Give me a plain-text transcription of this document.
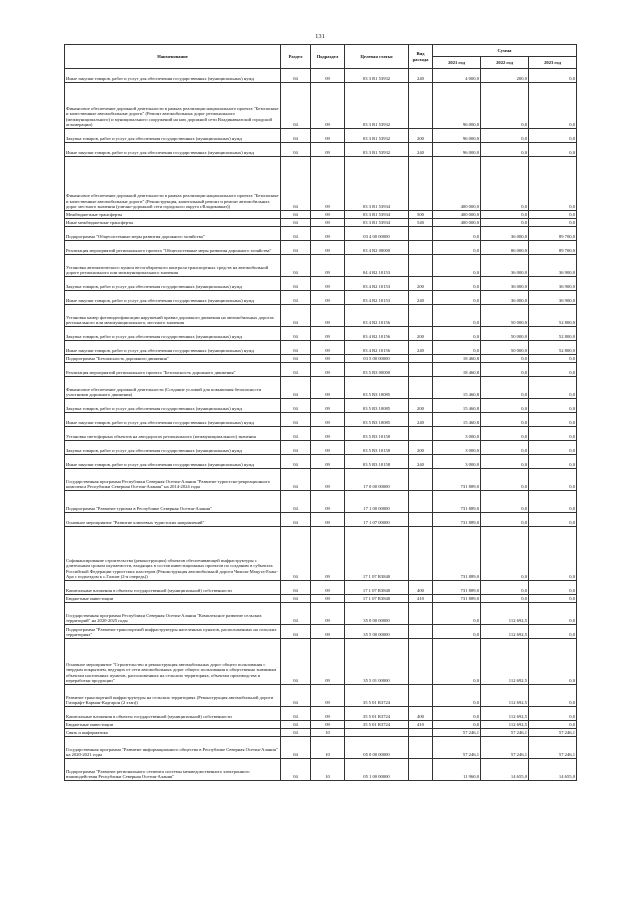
131
Наименование	Раздел	Подраздел	Целевая статья	Вид расхода	Сумма		
					2021 год	2022 год	2023 год
Иные закупки товаров, работ и услуг для обеспечения государственных (муниципальных) нужд	04	09	03 3 R1 53932	240	4 000,0	200,0	0,0
Финансовое обеспечение дорожной деятельности в рамках реализации национального проекта "Безопасные и качественные автомобильные дороги" (Ремонт автомобильных дорог регионального (межмуниципального) и муниципального сооружений на них дорожной сети Владикавказской городской агломерации)	04	09	03 3 R1 53932		96 000,0	0,0	0,0
Закупка товаров, работ и услуг для обеспечения государственных (муниципальных) нужд	04	09	03 3 R1 53932	200	96 000,0	0,0	0,0
Иные закупки товаров, работ и услуг для обеспечения государственных (муниципальных) нужд	04	09	03 3 R1 53932	240	96 000,0	0,0	0,0
Финансовое обеспечение дорожной деятельности в рамках реализации национального проекта "Безопасные и качественные автомобильные дороги" (Реконструкция, капитальный ремонт и ремонт автомобильных дорог местного значения (уличнo-дорожной сети городского округа г.Владикавказ))	04	09	03 3 R1 53934		400 000,0	0,0	0,0
Межбюджетные трансферты	04	09	03 3 R1 53934	500	400 000,0	0,0	0,0
Иные межбюджетные трансферты	04	09	03 3 R1 53934	540	400 000,0	0,0	0,0
Подпрограмма "Общесистемные меры развития дорожного хозяйства"	04	09	03 4 00 00000		0,0	36 000,0	89 700,0
Реализация мероприятий регионального проекта "Общесистемные меры развития дорожного хозяйства"	04	09	03 4 R2 00000		0,0	86 000,0	89 700,0
Установка автоматического пункта весогабаритного контроля транспортных средств на автомобильной дороге регионального или межмуниципального значения	04	09	04 4 R2 10153		0,0	36 000,0	36 900,0
Закупка товаров, работ и услуг для обеспечения государственных (муниципальных) нужд	04	09	03 4 R2 10153	200	0,0	36 000,0	36 900,0
Иные закупки товаров, работ и услуг для обеспечения государственных (муниципальных) нужд	04	09	03 4 R2 10153	240	0,0	36 000,0	36 900,0
Установка камер фотовидеофиксации нарушений правил дорожного движения на автомобильных дорогах регионального или межмуниципального, местного значения	04	09	03 4 R2 10156		0,0	50 000,0	52 800,0
Закупка товаров, работ и услуг для обеспечения государственных (муниципальных) нужд	04	09	03 4 R2 10156	200	0,0	50 000,0	52 800,0
Иные закупки товаров, работ и услуг для обеспечения государственных (муниципальных) нужд	04	09	03 4 R2 10156	240	0,0	50 000,0	52 800,0
Подпрограмма "Безопасность дорожного движения"	04	09	03 5 00 00000		18 460,8	0,0	0,0
Реализация мероприятий регионального проекта "Безопасность дорожного движения"	04	09	03 5 R3 00000		18 460,8	0,0	0,0
Финансовое обеспечение дорожной деятельности (Создание условий для повышения безопасности участников дорожного движения)	04	09	03 5 R3 10085		15 460,8	0,0	0,0
Закупка товаров, работ и услуг для обеспечения государственных (муниципальных) нужд	04	09	03 5 R3 10085	200	15 460,8	0,0	0,0
Иные закупки товаров, работ и услуг для обеспечения государственных (муниципальных) нужд	04	09	03 5 R3 10085	240	15 460,8	0,0	0,0
Установка светофорных объектов на автодорогах регионального (межмуниципального) значения	04	09	03 5 R3 10158		3 000,0	0,0	0,0
Закупка товаров, работ и услуг для обеспечения государственных (муниципальных) нужд	04	09	03 5 R3 10158	200	3 000,0	0,0	0,0
Иные закупки товаров, работ и услуг для обеспечения государственных (муниципальных) нужд	04	09	03 5 R3 10158	240	3 000,0	0,0	0,0
Государственная программа Республики Северная Осетия-Алания "Развитие туристско-рекреационного комплекса Республики Северная Осетия-Алания" на 2014-2024 годы	04	09	17 0 00 00000		731 889,0	0,0	0,0
Подпрограмма "Развитие туризма в Республике Северная Осетия-Алания"	04	09	17 1 00 00000		731 889,0	0,0	0,0
Основное мероприятие "Развитие ключевых туристских направлений"	04	09	17 1 07 00000		731 889,0	0,0	0,0
Софинансирование строительства (реконструкции) объектов обеспечивающей инфраструктуры с длительным сроком окупаемости, входящих в состав инвестиционных проектов по созданию в субъектах Российской Федерации туристских кластеров (Реконструкция автомобильной дороги Чикола-Мацута-Ехаы-Ара с подъездом к с.Галиат (2-я очередь))	04	09	17 1 07 R3840		731 889,0	0,0	0,0
Капитальные вложения в объекты государственной (муниципальной) собственности	04	09	17 1 07 R3840	400	731 889,0	0,0	0,0
Бюджетные инвестиции	04	09	17 1 07 R3840	410	731 889,0	0,0	0,0
Государственная программа Республики Северная Осетия-Алания "Комплексное развитие сельских территорий" на 2020-2025 годы	04	09	35 0 00 00000		0,0	112 692,5	0,0
Подпрограмма "Развитие транспортной инфраструктуры населенных пунктов, расположенных на сельских территориях"	04	09	35 5 00 00000		0,0	112 692,5	0,0
Основное мероприятие "Строительство и реконструкция автомобильных дорог общего пользования с твердым покрытием, ведущих от сети автомобильных дорог общего пользования к общественно значимым объектам населенных пунктов, расположенных на сельских территориях, объектам производства и переработки продукции"	04	09	35 5 01 00000		0,0	112 692,5	0,0
Развитие транспортной инфраструктуры на сельских территориях (Реконструкция автомобильной дороги Гизарафт-Карман-Кадгарон (2 этап))	04	09	35 5 01 R3724		0,0	112 692,5	0,0
Капитальные вложения в объекты государственной (муниципальной) собственности	04	09	35 5 01 R3724	400	0,0	112 692,5	0,0
Бюджетные инвестиции	04	09	35 5 01 R3724	410	0,0	112 692,5	0,0
Связь и информатика	04	10			57 246,1	57 246,1	57 246,1
Государственная программа "Развитие информационного общества в Республике Северная Осетия-Алания" на 2020-2021 годы	04	10	05 0 00 00000		57 246,1	57 246,1	57 246,1
Подпрограмма "Развитие регионального сегмента системы межведомственного электронного взаимодействия Республики Северная Осетия-Алания"	04	10	05 1 00 00000		11 960,0	14 655,0	14 655,0
